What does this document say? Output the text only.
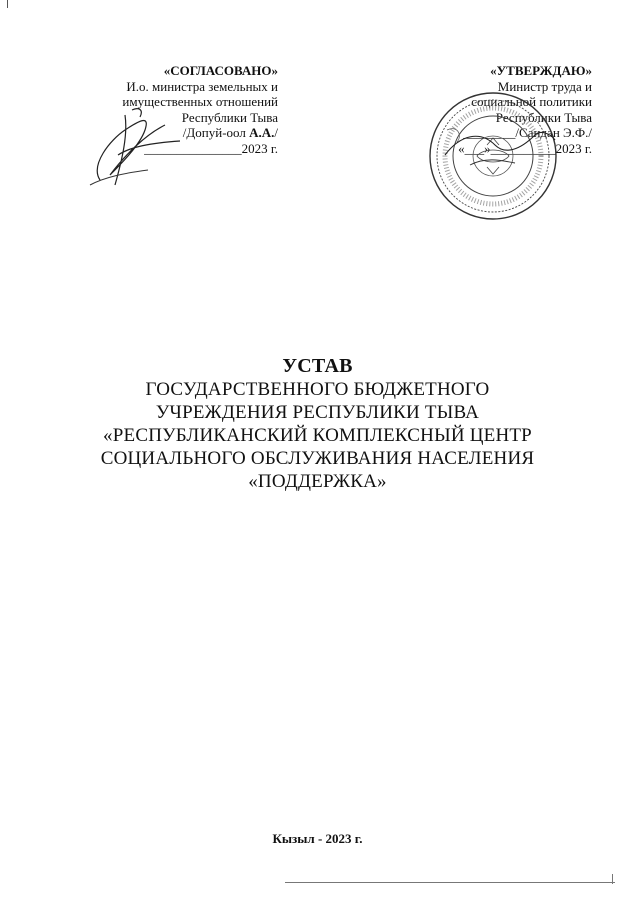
«СОГЛАСОВАНО»
И.о. министра земельных и
имущественных отношений
Республики Тыва
/Допуй-оол А.А./
_______________2023 г.
«УТВЕРЖДАЮ»
Министр труда и
социальной политики
Республики Тыва
________/Сандан Э.Ф./
«___»__________2023 г.
УСТАВ
ГОСУДАРСТВЕННОГО БЮДЖЕТНОГО
УЧРЕЖДЕНИЯ РЕСПУБЛИКИ ТЫВА
«РЕСПУБЛИКАНСКИЙ КОМПЛЕКСНЫЙ ЦЕНТР
СОЦИАЛЬНОГО ОБСЛУЖИВАНИЯ НАСЕЛЕНИЯ
«ПОДДЕРЖКА»
Кызыл - 2023 г.
